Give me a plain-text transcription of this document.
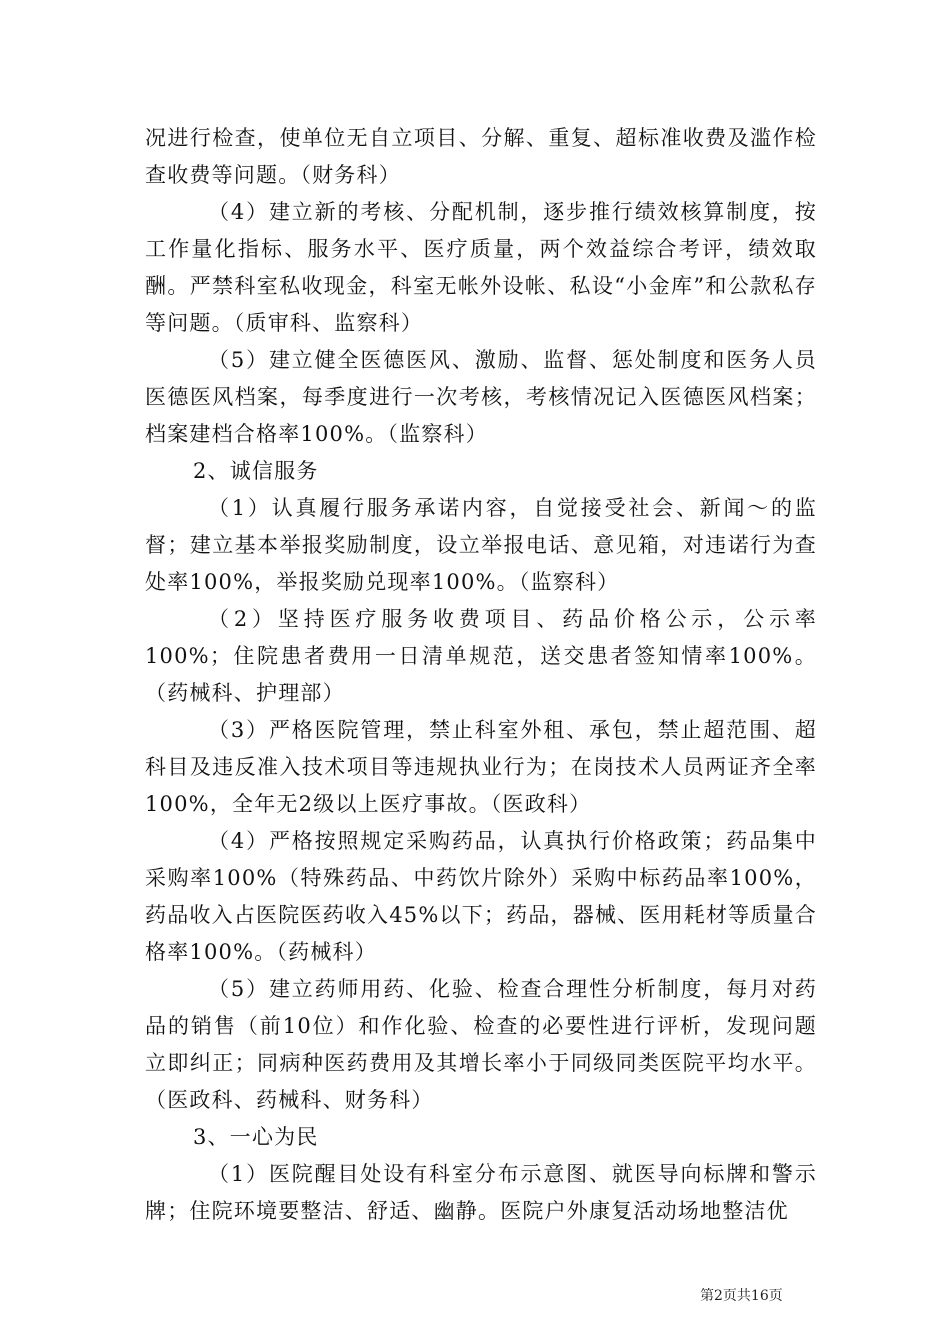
况进行检查，使单位无自立项目、分解、重复、超标准收费及滥作检查收费等问题。（财务科）

（4）建立新的考核、分配机制，逐步推行绩效核算制度，按工作量化指标、服务水平、医疗质量，两个效益综合考评，绩效取酬。严禁科室私收现金，科室无帐外设帐、私设“小金库”和公款私存等问题。（质审科、监察科）

（5）建立健全医德医风、激励、监督、惩处制度和医务人员医德医风档案，每季度进行一次考核，考核情况记入医德医风档案；档案建档合格率100%。（监察科）

2、诚信服务

（1）认真履行服务承诺内容，自觉接受社会、新闻～的监督；建立基本举报奖励制度，设立举报电话、意见箱，对违诺行为查处率100%，举报奖励兑现率100%。（监察科）

（2）坚持医疗服务收费项目、药品价格公示，公示率100%；住院患者费用一日清单规范，送交患者签知情率100%。（药械科、护理部）

（3）严格医院管理，禁止科室外租、承包，禁止超范围、超科目及违反准入技术项目等违规执业行为；在岗技术人员两证齐全率100%，全年无2级以上医疗事故。（医政科）

（4）严格按照规定采购药品，认真执行价格政策；药品集中采购率100%（特殊药品、中药饮片除外）采购中标药品率100%，药品收入占医院医药收入45%以下；药品，器械、医用耗材等质量合格率100%。（药械科）

（5）建立药师用药、化验、检查合理性分析制度，每月对药品的销售（前10位）和作化验、检查的必要性进行评析，发现问题立即纠正；同病种医药费用及其增长率小于同级同类医院平均水平。（医政科、药械科、财务科）

3、一心为民

（1）医院醒目处设有科室分布示意图、就医导向标牌和警示牌；住院环境要整洁、舒适、幽静。医院户外康复活动场地整洁优

第2页共16页
